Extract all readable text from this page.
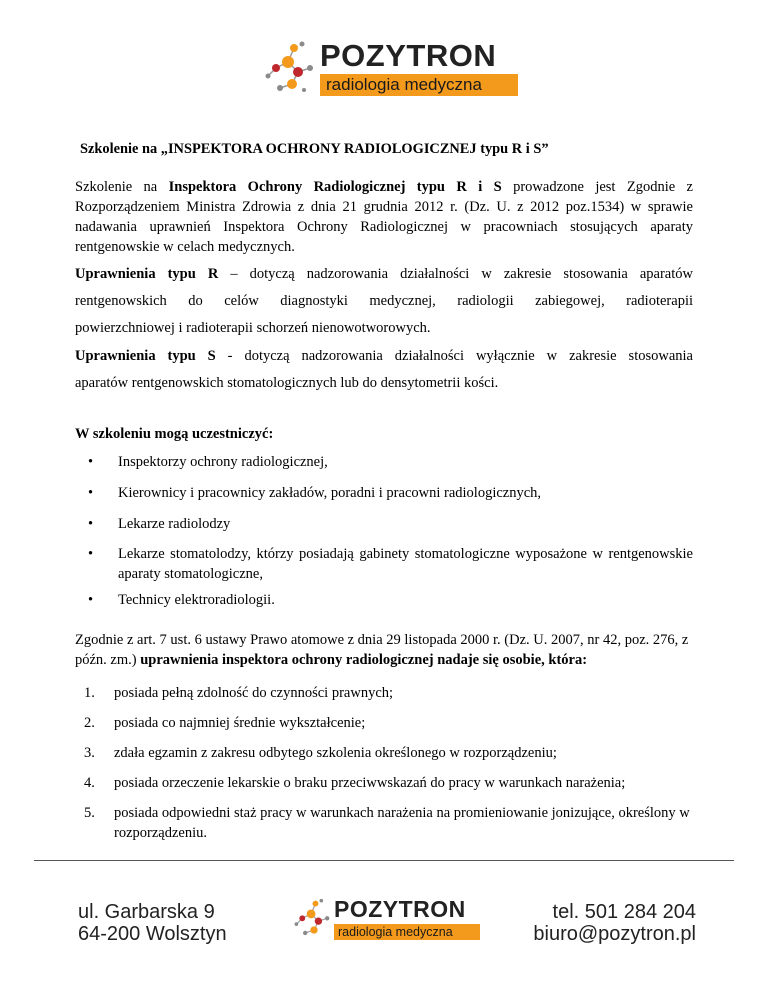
POZYTRON
radiologia medyczna
Szkolenie na „INSPEKTORA OCHRONY RADIOLOGICZNEJ typu R i S”
Szkolenie na Inspektora Ochrony Radiologicznej typu R i S prowadzone jest Zgodnie z Rozporządzeniem Ministra Zdrowia z dnia 21 grudnia 2012 r. (Dz. U. z 2012 poz.1534) w sprawie nadawania uprawnień Inspektora Ochrony Radiologicznej w pracowniach stosujących aparaty rentgenowskie w celach medycznych.
Uprawnienia typu R – dotyczą nadzorowania działalności w zakresie stosowania aparatów
rentgenowskich do celów diagnostyki medycznej, radiologii zabiegowej, radioterapii
powierzchniowej i radioterapii schorzeń nienowotworowych.
Uprawnienia typu S - dotyczą nadzorowania działalności wyłącznie w zakresie stosowania
aparatów rentgenowskich stomatologicznych lub do densytometrii kości.
W szkoleniu mogą uczestniczyć:
•	Inspektorzy ochrony radiologicznej,
•	Kierownicy i pracownicy zakładów, poradni i pracowni radiologicznych,
•	Lekarze radiolodzy
•	Lekarze stomatolodzy, którzy posiadają gabinety stomatologiczne wyposażone w rentgenowskie aparaty stomatologiczne,
•	Technicy elektroradiologii.
Zgodnie z art. 7 ust. 6 ustawy Prawo atomowe z dnia 29 listopada 2000 r. (Dz. U. 2007, nr 42, poz. 276, z późn. zm.) uprawnienia inspektora ochrony radiologicznej nadaje się osobie, która:
1.	posiada pełną zdolność do czynności prawnych;
2.	posiada co najmniej średnie wykształcenie;
3.	zdała egzamin z zakresu odbytego szkolenia określonego w rozporządzeniu;
4.	posiada orzeczenie lekarskie o braku przeciwwskazań do pracy w warunkach narażenia;
5.	posiada odpowiedni staż pracy w warunkach narażenia na promieniowanie jonizujące, określony w rozporządzeniu.
ul. Garbarska 9
64-200 Wolsztyn
POZYTRON
radiologia medyczna
tel. 501 284 204
biuro@pozytron.pl
